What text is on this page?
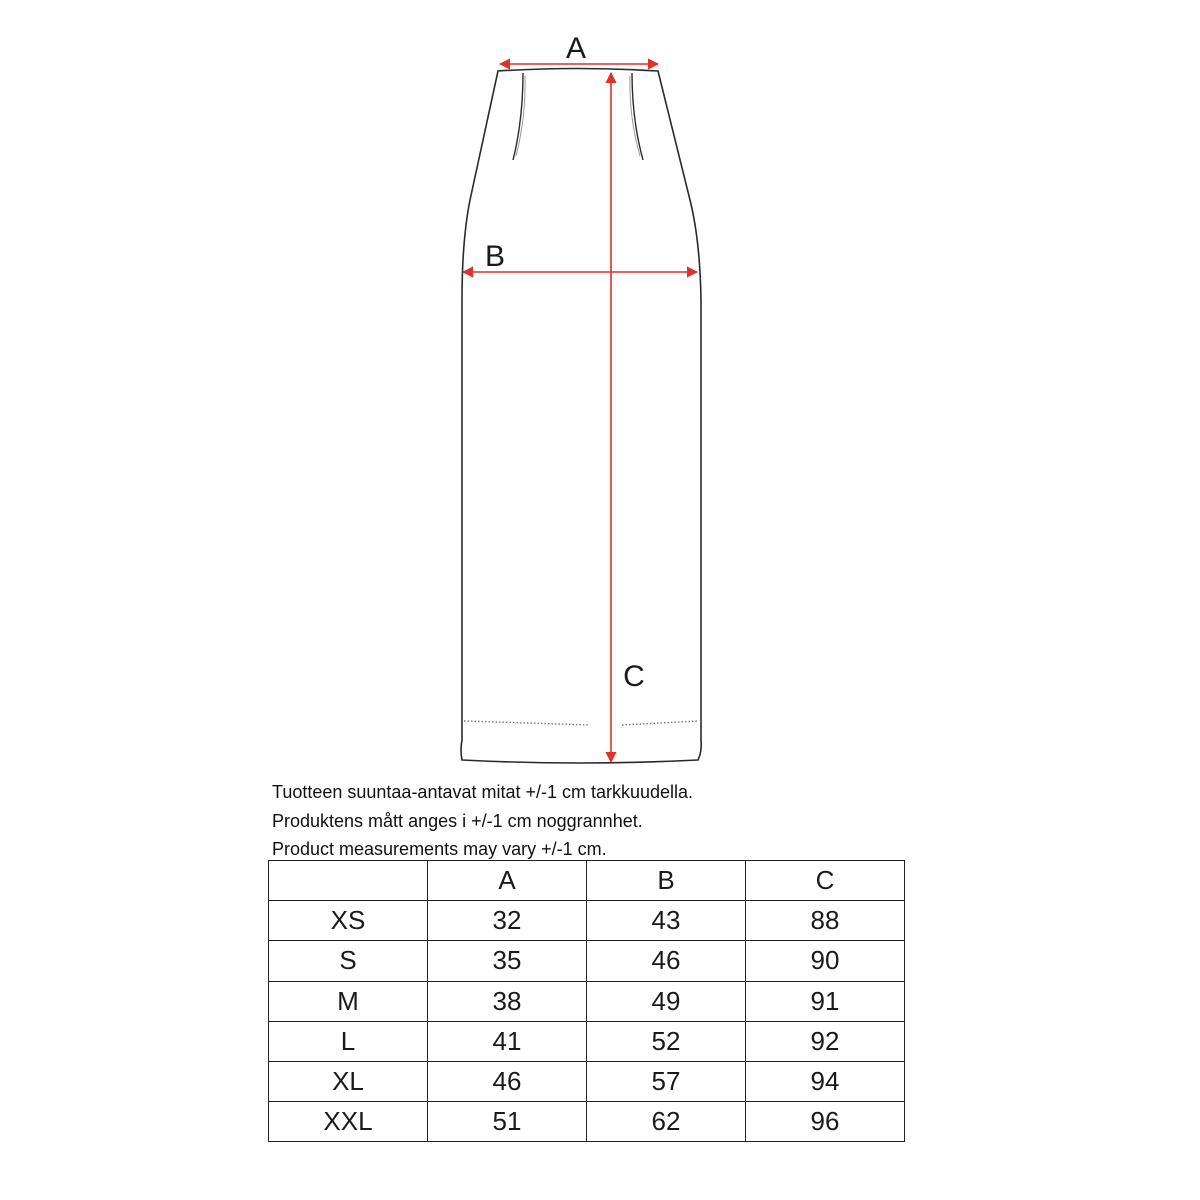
A
B
C
Tuotteen suuntaa-antavat mitat +/-1 cm tarkkuudella.
Produktens mått anges i +/-1 cm noggrannhet.
Product measurements may vary +/-1 cm.
	A	B	C
XS	32	43	88
S	35	46	90
M	38	49	91
L	41	52	92
XL	46	57	94
XXL	51	62	96
